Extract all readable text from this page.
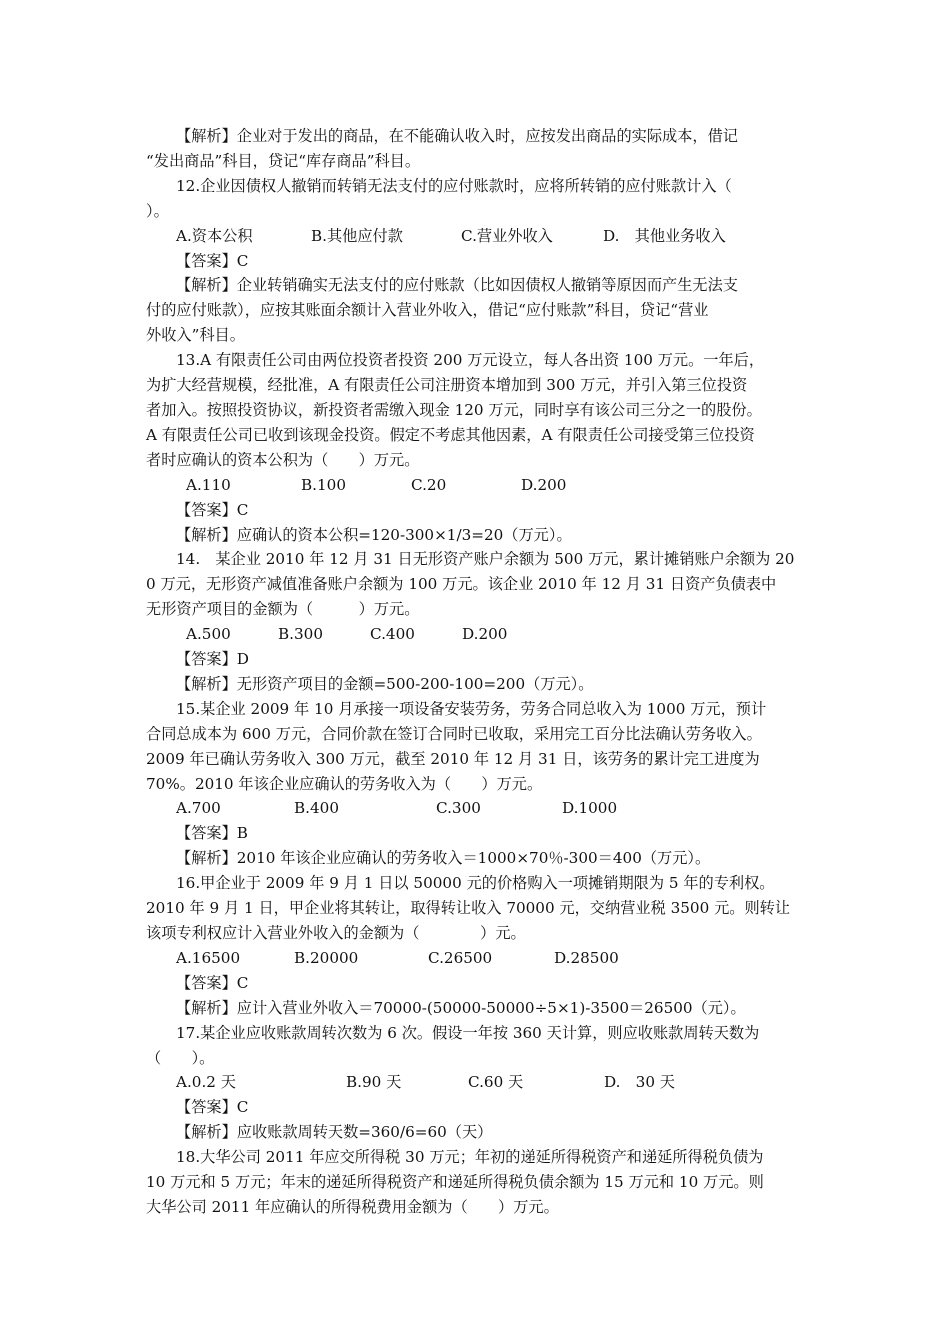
【解析】企业对于发出的商品，在不能确认收入时，应按发出商品的实际成本，借记
“发出商品”科目，贷记“库存商品”科目。
12.企业因债权人撤销而转销无法支付的应付账款时，应将所转销的应付账款计入（
）。
A.资本公积	B.其他应付款	C.营业外收入	D.　其他业务收入
【答案】C
【解析】企业转销确实无法支付的应付账款（比如因债权人撤销等原因而产生无法支
付的应付账款），应按其账面余额计入营业外收入，借记“应付账款”科目，贷记“营业
外收入”科目。
13.A 有限责任公司由两位投资者投资 200 万元设立，每人各出资 100 万元。一年后，
为扩大经营规模，经批准，A 有限责任公司注册资本增加到 300 万元，并引入第三位投资
者加入。按照投资协议，新投资者需缴入现金 120 万元，同时享有该公司三分之一的股份。
A 有限责任公司已收到该现金投资。假定不考虑其他因素，A 有限责任公司接受第三位投资
者时应确认的资本公积为（　　）万元。
A.110	B.100	C.20	D.200
【答案】C
【解析】应确认的资本公积=120-300×1/3=20（万元）。
14.　某企业 2010 年 12 月 31 日无形资产账户余额为 500 万元，累计摊销账户余额为 20
0 万元，无形资产减值准备账户余额为 100 万元。该企业 2010 年 12 月 31 日资产负债表中
无形资产项目的金额为（　　　）万元。
A.500	B.300	C.400	D.200
【答案】D
【解析】无形资产项目的金额=500-200-100=200（万元）。
15.某企业 2009 年 10 月承接一项设备安装劳务，劳务合同总收入为 1000 万元，预计
合同总成本为 600 万元，合同价款在签订合同时已收取，采用完工百分比法确认劳务收入。
2009 年已确认劳务收入 300 万元，截至 2010 年 12 月 31 日，该劳务的累计完工进度为
70%。2010 年该企业应确认的劳务收入为（　　）万元。
A.700	B.400	C.300	D.1000
【答案】B
【解析】2010 年该企业应确认的劳务收入＝1000×70％-300＝400（万元）。
16.甲企业于 2009 年 9 月 1 日以 50000 元的价格购入一项摊销期限为 5 年的专利权。
2010 年 9 月 1 日，甲企业将其转让，取得转让收入 70000 元，交纳营业税 3500 元。则转让
该项专利权应计入营业外收入的金额为（　　　　）元。
A.16500	B.20000	C.26500	D.28500
【答案】C
【解析】应计入营业外收入＝70000-(50000-50000÷5×1)-3500＝26500（元）。
17.某企业应收账款周转次数为 6 次。假设一年按 360 天计算，则应收账款周转天数为
（　　）。
A.0.2 天	B.90 天	C.60 天	D.　30 天
【答案】C
【解析】应收账款周转天数=360/6=60（天）
18.大华公司 2011 年应交所得税 30 万元；年初的递延所得税资产和递延所得税负债为
10 万元和 5 万元；年末的递延所得税资产和递延所得税负债余额为 15 万元和 10 万元。则
大华公司 2011 年应确认的所得税费用金额为（　　）万元。
